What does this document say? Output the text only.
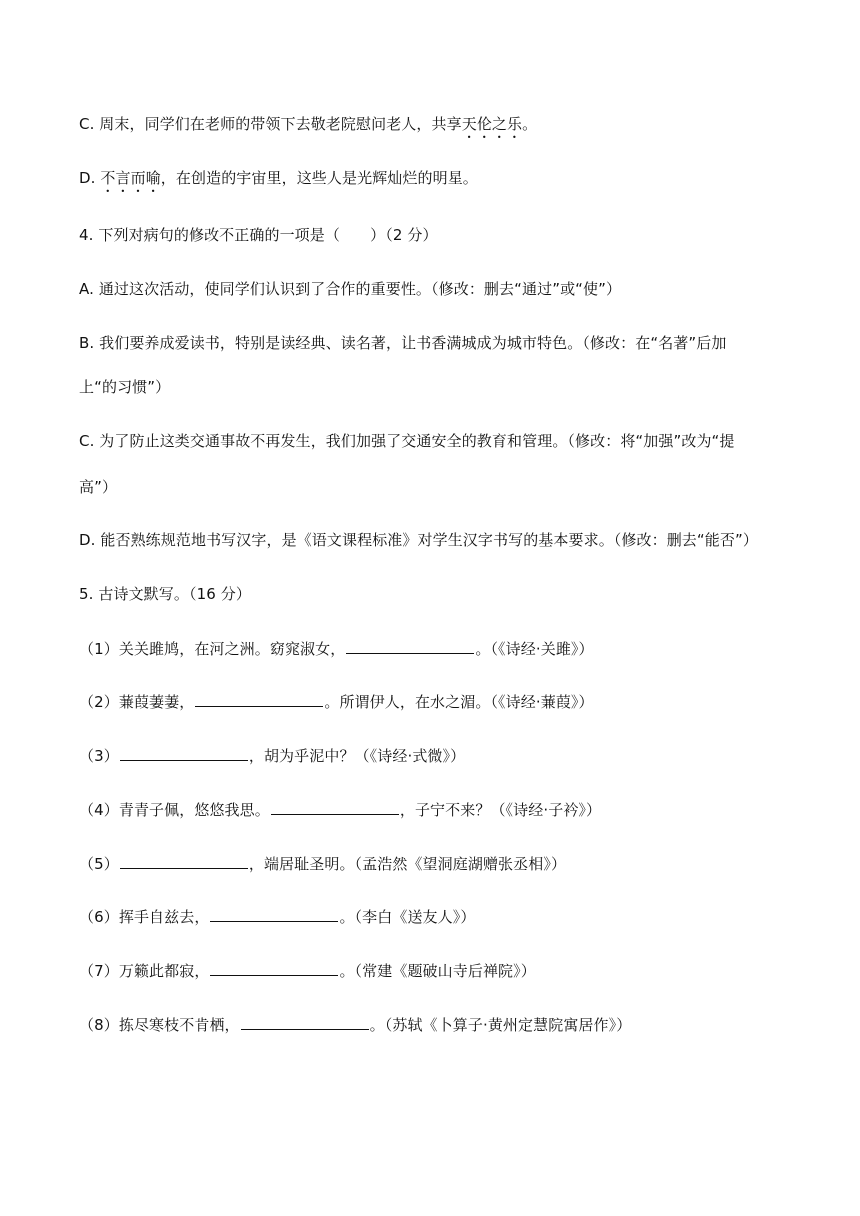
C. 周末，同学们在老师的带领下去敬老院慰问老人，共享天伦之乐。
D. 不言而喻，在创造的宇宙里，这些人是光辉灿烂的明星。
4. 下列对病句的修改不正确的一项是（　　）（2 分）
A. 通过这次活动，使同学们认识到了合作的重要性。（修改：删去“通过”或“使”）
B. 我们要养成爱读书，特别是读经典、读名著，让书香满城成为城市特色。（修改：在“名著”后加
上“的习惯”）
C. 为了防止这类交通事故不再发生，我们加强了交通安全的教育和管理。（修改：将“加强”改为“提
高”）
D. 能否熟练规范地书写汉字，是《语文课程标准》对学生汉字书写的基本要求。（修改：删去“能否”）
5. 古诗文默写。（16 分）
（1）关关雎鸠，在河之洲。窈窕淑女，	。（《诗经·关雎》）
（2）蒹葭萋萋，	。所谓伊人，在水之湄。（《诗经·蒹葭》）
（3）	，胡为乎泥中？（《诗经·式微》）
（4）青青子佩，悠悠我思。	，子宁不来？（《诗经·子衿》）
（5）	，端居耻圣明。（孟浩然《望洞庭湖赠张丞相》）
（6）挥手自兹去，	。（李白《送友人》）
（7）万籁此都寂，	。（常建《题破山寺后禅院》）
（8）拣尽寒枝不肯栖，	。（苏轼《卜算子·黄州定慧院寓居作》）
